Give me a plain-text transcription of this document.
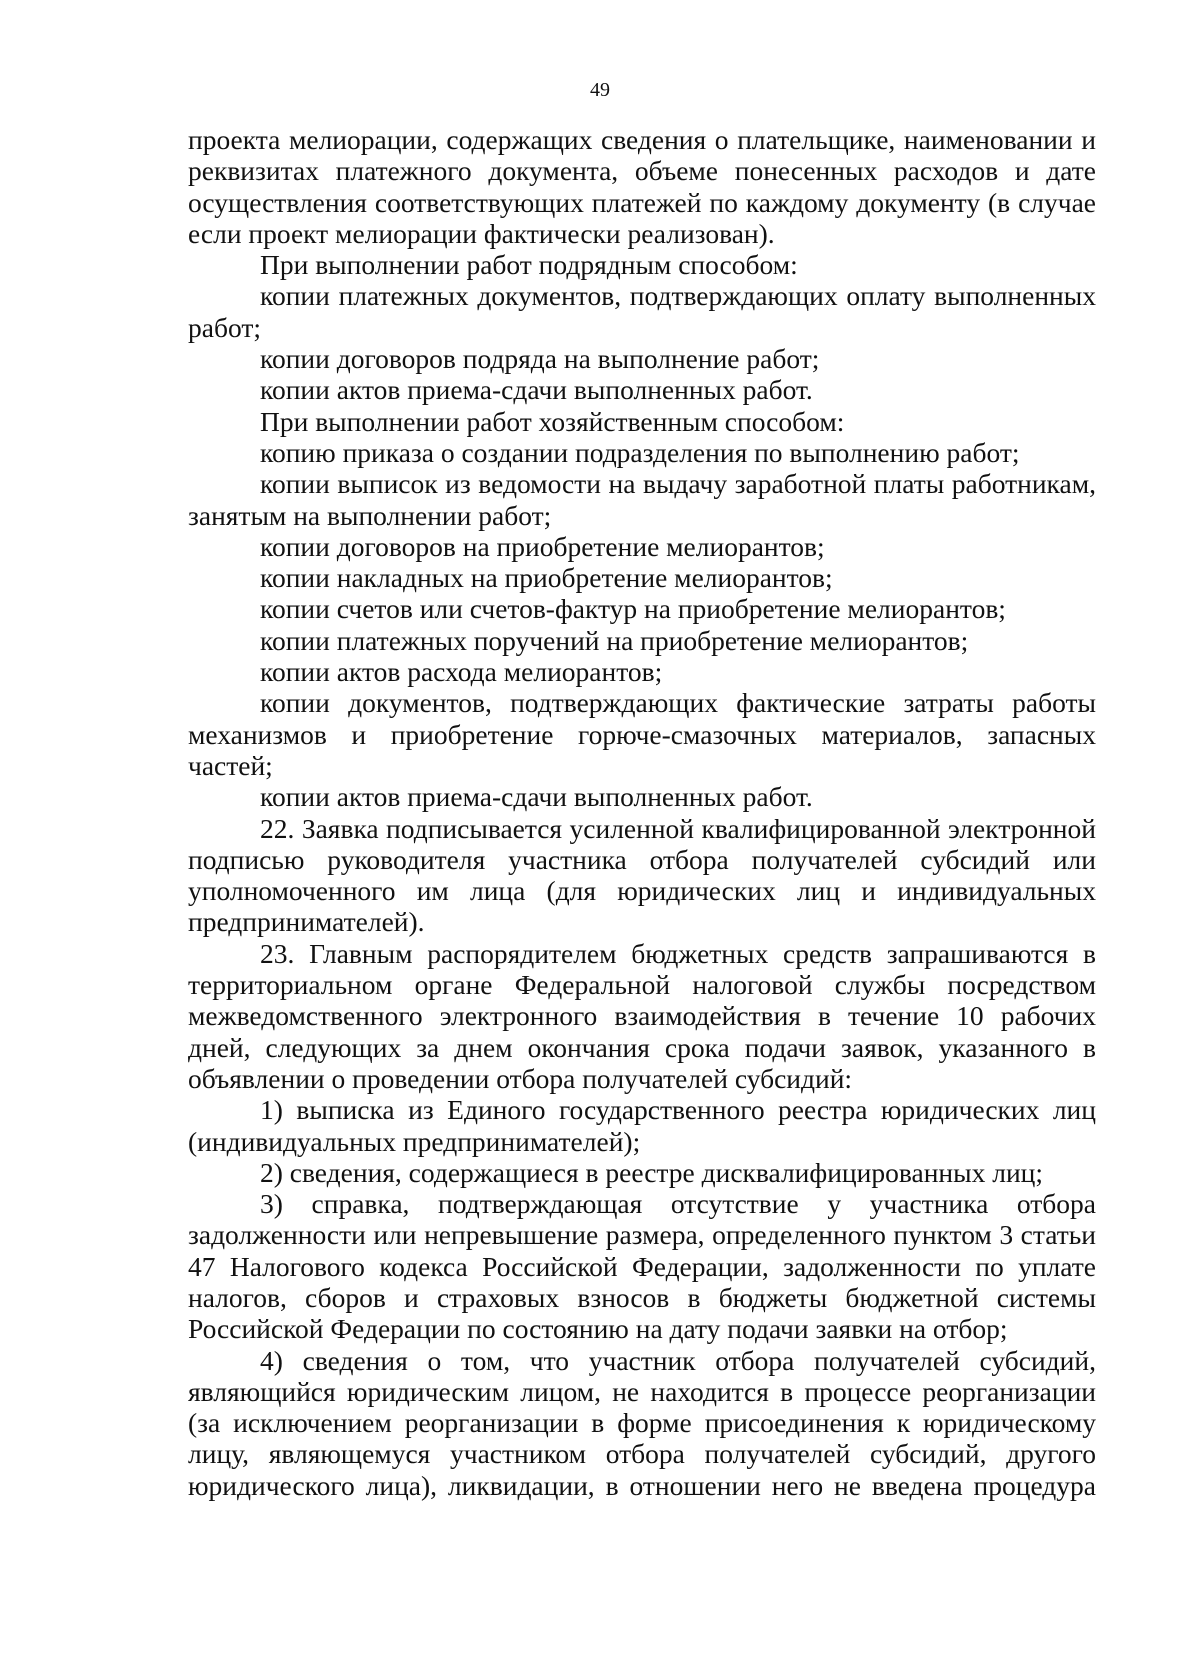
49

проекта мелиорации, содержащих сведения о плательщике, наименовании и реквизитах платежного документа, объеме понесенных расходов и дате осуществления соответствующих платежей по каждому документу (в случае если проект мелиорации фактически реализован).

При выполнении работ подрядным способом:

копии платежных документов, подтверждающих оплату выполненных работ;

копии договоров подряда на выполнение работ;

копии актов приема-сдачи выполненных работ.

При выполнении работ хозяйственным способом:

копию приказа о создании подразделения по выполнению работ;

копии выписок из ведомости на выдачу заработной платы работникам, занятым на выполнении работ;

копии договоров на приобретение мелиорантов;

копии накладных на приобретение мелиорантов;

копии счетов или счетов-фактур на приобретение мелиорантов;

копии платежных поручений на приобретение мелиорантов;

копии актов расхода мелиорантов;

копии документов, подтверждающих фактические затраты работы механизмов и приобретение горюче-смазочных материалов, запасных частей;

копии актов приема-сдачи выполненных работ.

22. Заявка подписывается усиленной квалифицированной электронной подписью руководителя участника отбора получателей субсидий или уполномоченного им лица (для юридических лиц и индивидуальных предпринимателей).

23. Главным распорядителем бюджетных средств запрашиваются в территориальном органе Федеральной налоговой службы посредством межведомственного электронного взаимодействия в течение 10 рабочих дней, следующих за днем окончания срока подачи заявок, указанного в объявлении о проведении отбора получателей субсидий:

1) выписка из Единого государственного реестра юридических лиц (индивидуальных предпринимателей);

2) сведения, содержащиеся в реестре дисквалифицированных лиц;

3) справка, подтверждающая отсутствие у участника отбора задолженности или непревышение размера, определенного пунктом 3 статьи 47 Налогового кодекса Российской Федерации, задолженности по уплате налогов, сборов и страховых взносов в бюджеты бюджетной системы Российской Федерации по состоянию на дату подачи заявки на отбор;

4) сведения о том, что участник отбора получателей субсидий, являющийся юридическим лицом, не находится в процессе реорганизации (за исключением реорганизации в форме присоединения к юридическому лицу, являющемуся участником отбора получателей субсидий, другого юридического лица), ликвидации, в отношении него не введена процедура
